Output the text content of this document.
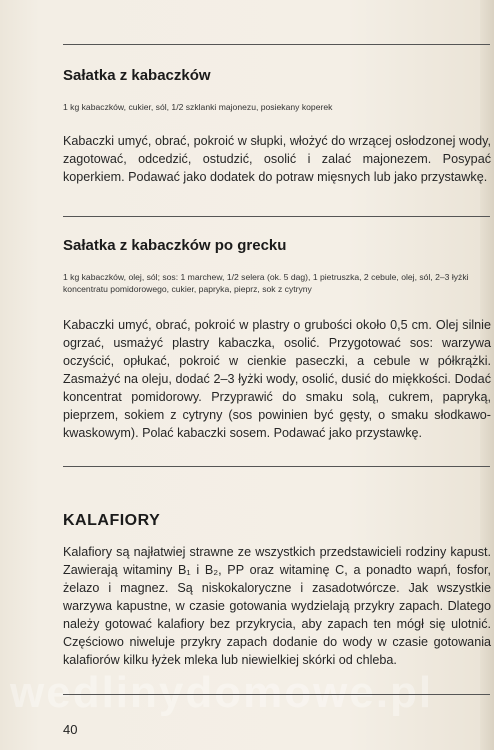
Sałatka z kabaczków
1 kg kabaczków, cukier, sól, 1/2 szklanki majonezu, posiekany koperek
Kabaczki umyć, obrać, pokroić w słupki, włożyć do wrzącej osłodzonej wody, zagotować, odcedzić, ostudzić, osolić i zalać majonezem. Posypać koperkiem. Podawać jako dodatek do potraw mięsnych lub jako przystawkę.
Sałatka z kabaczków po grecku
1 kg kabaczków, olej, sól; sos: 1 marchew, 1/2 selera (ok. 5 dag), 1 pietruszka, 2 cebule, olej, sól, 2–3 łyżki koncentratu pomidorowego, cukier, papryka, pieprz, sok z cytryny
Kabaczki umyć, obrać, pokroić w plastry o grubości około 0,5 cm. Olej silnie ogrzać, usmażyć plastry kabaczka, osolić. Przygotować sos: warzywa oczyścić, opłukać, pokroić w cienkie paseczki, a cebule w półkrążki. Zasmażyć na oleju, dodać 2–3 łyżki wody, osolić, dusić do miękkości. Dodać koncentrat pomidorowy. Przyprawić do smaku solą, cukrem, papryką, pieprzem, sokiem z cytryny (sos powinien być gęsty, o smaku słodkawo-kwaskowym). Polać kabaczki sosem. Podawać jako przystawkę.
KALAFIORY
Kalafiory są najłatwiej strawne ze wszystkich przedstawicieli rodziny kapust. Zawierają witaminy B₁ i B₂, PP oraz witaminę C, a ponadto wapń, fosfor, żelazo i magnez. Są niskokaloryczne i zasadotwórcze. Jak wszystkie warzywa kapustne, w czasie gotowania wydzielają przykry zapach. Dlatego należy gotować kalafiory bez przykrycia, aby zapach ten mógł się ulotnić. Częściowo niweluje przykry zapach dodanie do wody w czasie gotowania kalafiorów kilku łyżek mleka lub niewielkiej skórki od chleba.
wedlinydomowe.pl
40
